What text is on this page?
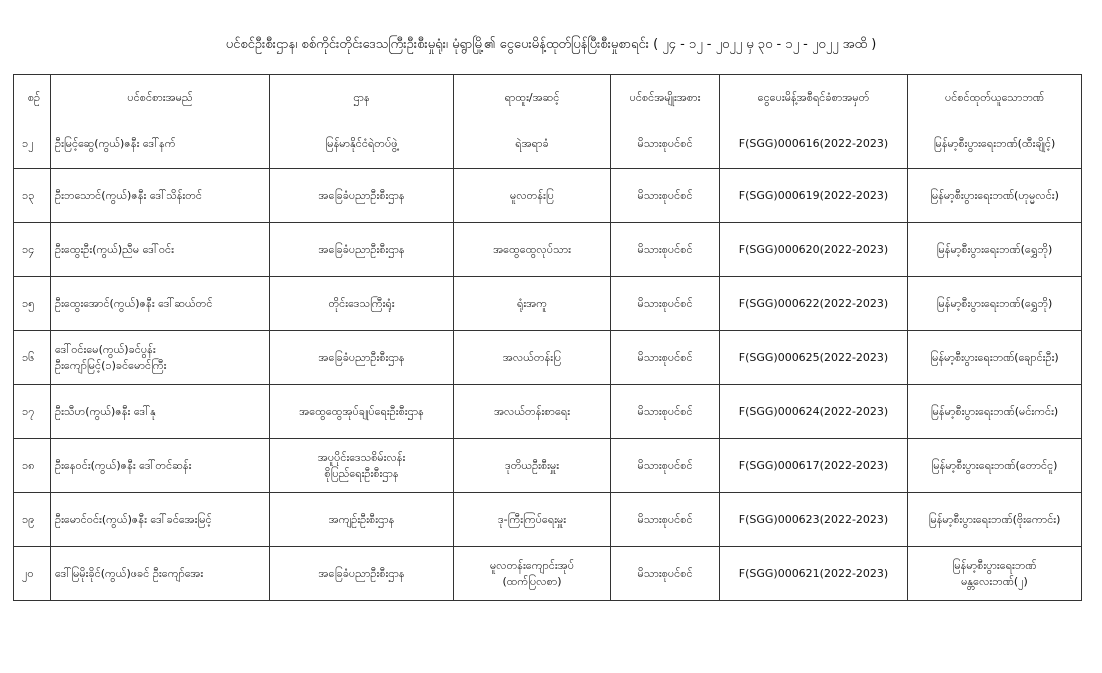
ပင်စင်ဦးစီးဌာန၊ စစ်ကိုင်းတိုင်းဒေသကြီးဦးစီးမှုရုံး၊ မုံရွာမြို့၏ ငွေပေးမိန့်ထုတ်ပြန်ပြီးစီးမှုစာရင်း ( ၂၄ - ၁၂ - ၂၀၂၂ မှ ၃၀ - ၁၂ - ၂၀၂၂ အထိ )
စဉ်	ပင်စင်စားအမည်	ဌာန	ရာထူး/အဆင့်	ပင်စင်အမျိုးအစား	ငွေပေးမိန့်အစီရင်ခံစာအမှတ်	ပင်စင်ထုတ်ယူသောဘဏ်
၁၂	ဦးမြင့်ဆွေ(ကွယ်)ဇနီး ဒေါ်နက်	မြန်မာနိုင်ငံရဲတပ်ဖွဲ့	ရဲအရာခံ	မိသားစုပင်စင်	F(SGG)000616(2022-2023)	မြန်မာ့စီးပွားရေးဘဏ်(ထီးချိုင့်)

၁၃	ဦးဘသောင်(ကွယ်)ဇနီး ဒေါ်သိန်းတင်	အခြေခံပညာဦးစီးဌာန	မူလတန်းပြ	မိသားစုပင်စင်	F(SGG)000619(2022-2023)	မြန်မာ့စီးပွားရေးဘဏ်(ဟုမ္မလင်း)

၁၄	ဦးထွေးဦး(ကွယ်)ညီမ ဒေါ်ဝင်း	အခြေခံပညာဦးစီးဌာန	အထွေထွေလုပ်သား	မိသားစုပင်စင်	F(SGG)000620(2022-2023)	မြန်မာ့စီးပွားရေးဘဏ်(ရွှေဘို)

၁၅	ဦးထွေးအောင်(ကွယ်)ဇနီး ဒေါ်ဆယ်တင်	တိုင်းဒေသကြီးရုံး	ရုံးအကူ	မိသားစုပင်စင်	F(SGG)000622(2022-2023)	မြန်မာ့စီးပွားရေးဘဏ်(ရွှေဘို)

၁၆	ဒေါ်ဝင်းမေ(ကွယ်)ခင်ပွန်း
ဦးကျော်မြင့်(၁)ခင်မောင်ကြီး	အခြေခံပညာဦးစီးဌာန	အလယ်တန်းပြ	မိသားစုပင်စင်	F(SGG)000625(2022-2023)	မြန်မာ့စီးပွားရေးဘဏ်(ချောင်းဦး)

၁၇	ဦးသီဟ(ကွယ်)ဇနီး ဒေါ်နု	အထွေထွေအုပ်ချုပ်ရေးဦးစီးဌာန	အလယ်တန်းစာရေး	မိသားစုပင်စင်	F(SGG)000624(2022-2023)	မြန်မာ့စီးပွားရေးဘဏ်(မင်းကင်း)

၁၈	ဦးနေဝင်း(ကွယ်)ဇနီး ဒေါ်တင်ဆန်း	အပူပိုင်းဒေသစိမ်းလန်း
စိုပြည်ရေးဦးစီးဌာန	ဒုတိယဦးစီးမှူး	မိသားစုပင်စင်	F(SGG)000617(2022-2023)	မြန်မာ့စီးပွားရေးဘဏ်(တောင်ငူ)

၁၉	ဦးမောင်ဝင်း(ကွယ်)ဇနီး ဒေါ်ခင်အေးမြင့်	အကျဉ်းဦးစီးဌာန	ဒု-ကြီးကြပ်ရေးမှူး	မိသားစုပင်စင်	F(SGG)000623(2022-2023)	မြန်မာ့စီးပွားရေးဘဏ်(ဗိုးကောင်း)

၂၀	ဒေါ်မြမိုးခိုင်(ကွယ်)ဖခင် ဦးကျော်အေး	အခြေခံပညာဦးစီးဌာန	မူလတန်းကျောင်းအုပ်
(ထက်ပြလစာ)	မိသားစုပင်စင်	F(SGG)000621(2022-2023)	မြန်မာ့စီးပွားရေးဘဏ်
မန္တလေးဘဏ်(၂)
